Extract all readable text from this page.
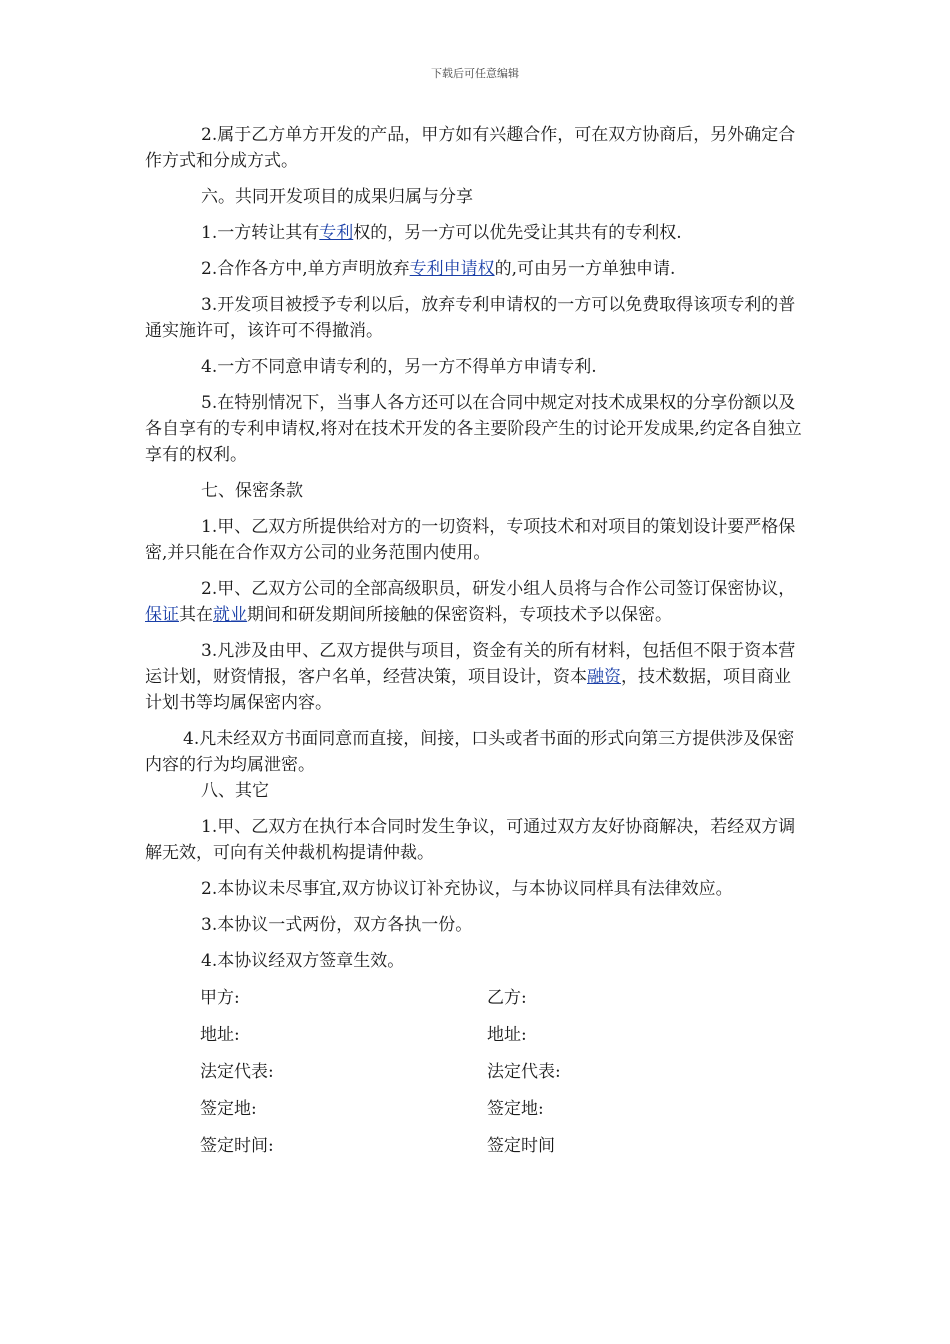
下载后可任意编辑

2.属于乙方单方开发的产品，甲方如有兴趣合作，可在双方协商后，另外确定合作方式和分成方式。

六。共同开发项目的成果归属与分享

1.一方转让其有专利权的，另一方可以优先受让其共有的专利权.

2.合作各方中,单方声明放弃专利申请权的,可由另一方单独申请.

3.开发项目被授予专利以后，放弃专利申请权的一方可以免费取得该项专利的普通实施许可，该许可不得撤消。

4.一方不同意申请专利的，另一方不得单方申请专利.

5.在特别情况下，当事人各方还可以在合同中规定对技术成果权的分享份额以及各自享有的专利申请权,将对在技术开发的各主要阶段产生的讨论开发成果,约定各自独立享有的权利。

七、保密条款

1.甲、乙双方所提供给对方的一切资料，专项技术和对项目的策划设计要严格保密,并只能在合作双方公司的业务范围内使用。

2.甲、乙双方公司的全部高级职员，研发小组人员将与合作公司签订保密协议，保证其在就业期间和研发期间所接触的保密资料，专项技术予以保密。

3.凡涉及由甲、乙双方提供与项目，资金有关的所有材料，包括但不限于资本营运计划，财资情报，客户名单，经营决策，项目设计，资本融资，技术数据，项目商业计划书等均属保密内容。

4.凡未经双方书面同意而直接，间接，口头或者书面的形式向第三方提供涉及保密内容的行为均属泄密。

八、其它

1.甲、乙双方在执行本合同时发生争议，可通过双方友好协商解决，若经双方调解无效，可向有关仲裁机构提请仲裁。

2.本协议未尽事宜,双方协议订补充协议，与本协议同样具有法律效应。

3.本协议一式两份，双方各执一份。

4.本协议经双方签章生效。

甲方:	乙方:
地址:	地址:
法定代表:	法定代表:
签定地:	签定地:
签定时间:	签定时间
